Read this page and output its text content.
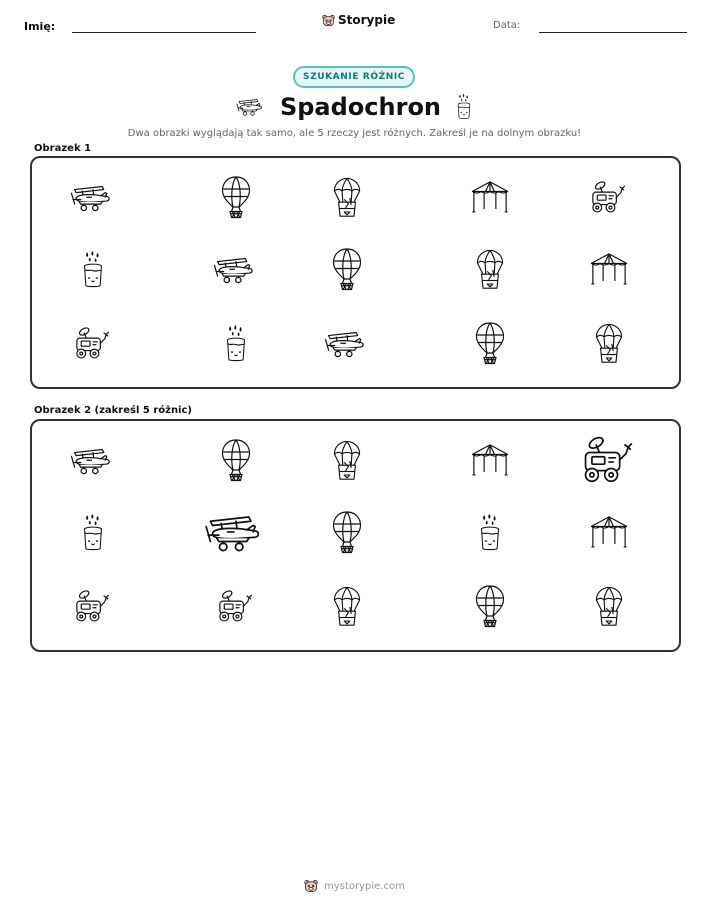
Imię:	Storypie	Data:
SZUKANIE RÓŻNIC
Spadochron
Dwa obrazki wyglądają tak samo, ale 5 rzeczy jest różnych. Zakreśl je na dolnym obrazku!
Obrazek 1
Obrazek 2 (zakreśl 5 różnic)
mystorypie.com
